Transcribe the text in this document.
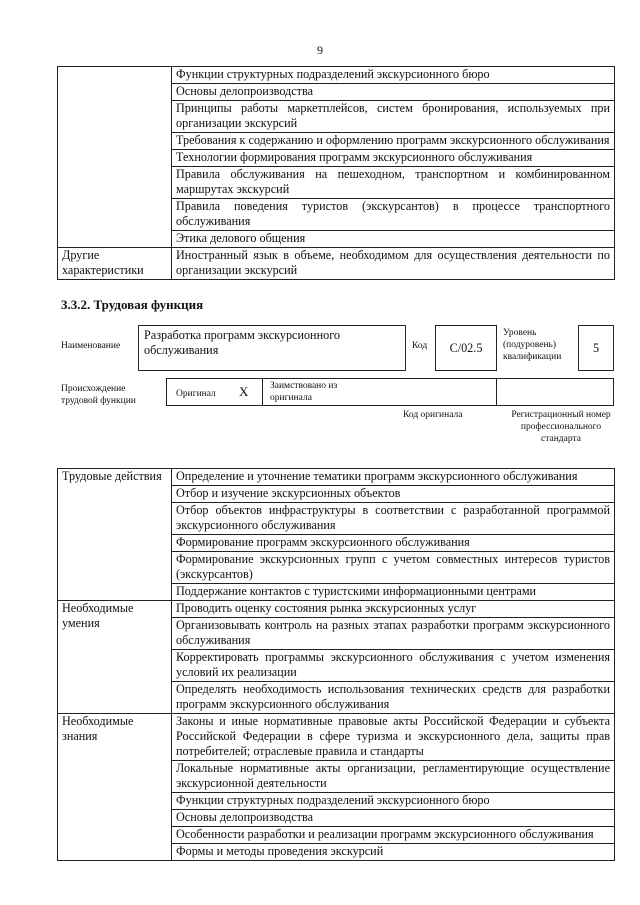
9
	Функции структурных подразделений экскурсионного бюро
	Основы делопроизводства
	Принципы работы маркетплейсов, систем бронирования, используемых при организации экскурсий
	Требования к содержанию и оформлению программ экскурсионного обслуживания
	Технологии формирования программ экскурсионного обслуживания
	Правила обслуживания на пешеходном, транспортном и комбинированном маршрутах экскурсий
	Правила поведения туристов (экскурсантов) в процессе транспортного обслуживания
	Этика делового общения
Другие характеристики	Иностранный язык в объеме, необходимом для осуществления деятельности по организации экскурсий
3.3.2. Трудовая функция
Наименование
Разработка программ экскурсионного обслуживания	Код	C/02.5
Уровень (подуровень) квалификации
5
Происхождение трудовой функции
Оригинал X Заимствовано из оригинала
Код оригинала	Регистрационный номер профессионального стандарта
Трудовые действия	Определение и уточнение тематики программ экскурсионного обслуживания
	Отбор и изучение экскурсионных объектов
	Отбор объектов инфраструктуры в соответствии с разработанной программой экскурсионного обслуживания
	Формирование программ экскурсионного обслуживания
	Формирование экскурсионных групп с учетом совместных интересов туристов (экскурсантов)
	Поддержание контактов с туристскими информационными центрами
Необходимые умения	Проводить оценку состояния рынка экскурсионных услуг
	Организовывать контроль на разных этапах разработки программ экскурсионного обслуживания
	Корректировать программы экскурсионного обслуживания с учетом изменения условий их реализации
	Определять необходимость использования технических средств для разработки программ экскурсионного обслуживания
Необходимые знания	Законы и иные нормативные правовые акты Российской Федерации и субъекта Российской Федерации в сфере туризма и экскурсионного дела, защиты прав потребителей; отраслевые правила и стандарты
	Локальные нормативные акты организации, регламентирующие осуществление экскурсионной деятельности
	Функции структурных подразделений экскурсионного бюро
	Основы делопроизводства
	Особенности разработки и реализации программ экскурсионного обслуживания
	Формы и методы проведения экскурсий
